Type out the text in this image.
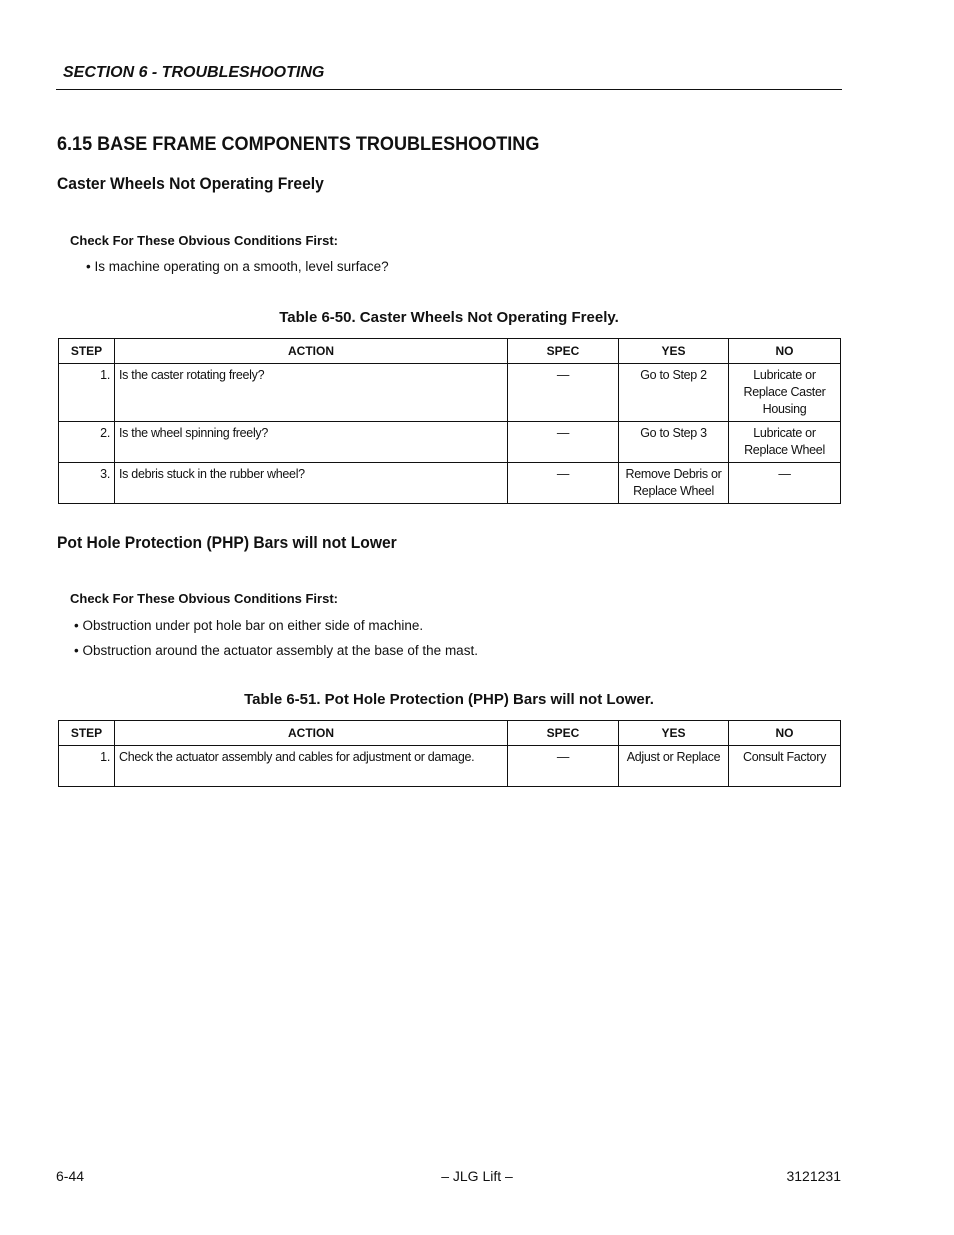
SECTION 6 - TROUBLESHOOTING
6.15 BASE FRAME COMPONENTS TROUBLESHOOTING
Caster Wheels Not Operating Freely
Check For These Obvious Conditions First:
• Is machine operating on a smooth, level surface?
Table 6-50. Caster Wheels Not Operating Freely.
STEP	ACTION	SPEC	YES	NO
1.	Is the caster rotating freely?	—	Go to Step 2	Lubricate or Replace Caster Housing
2.	Is the wheel spinning freely?	—	Go to Step 3	Lubricate or Replace Wheel
3.	Is debris stuck in the rubber wheel?	—	Remove Debris or Replace Wheel	—
Pot Hole Protection (PHP) Bars will not Lower
Check For These Obvious Conditions First:
• Obstruction under pot hole bar on either side of machine.
• Obstruction around the actuator assembly at the base of the mast.
Table 6-51. Pot Hole Protection (PHP) Bars will not Lower.
STEP	ACTION	SPEC	YES	NO
1.	Check the actuator assembly and cables for adjustment or damage.	—	Adjust or Replace	Consult Factory
6-44	– JLG Lift –	3121231
